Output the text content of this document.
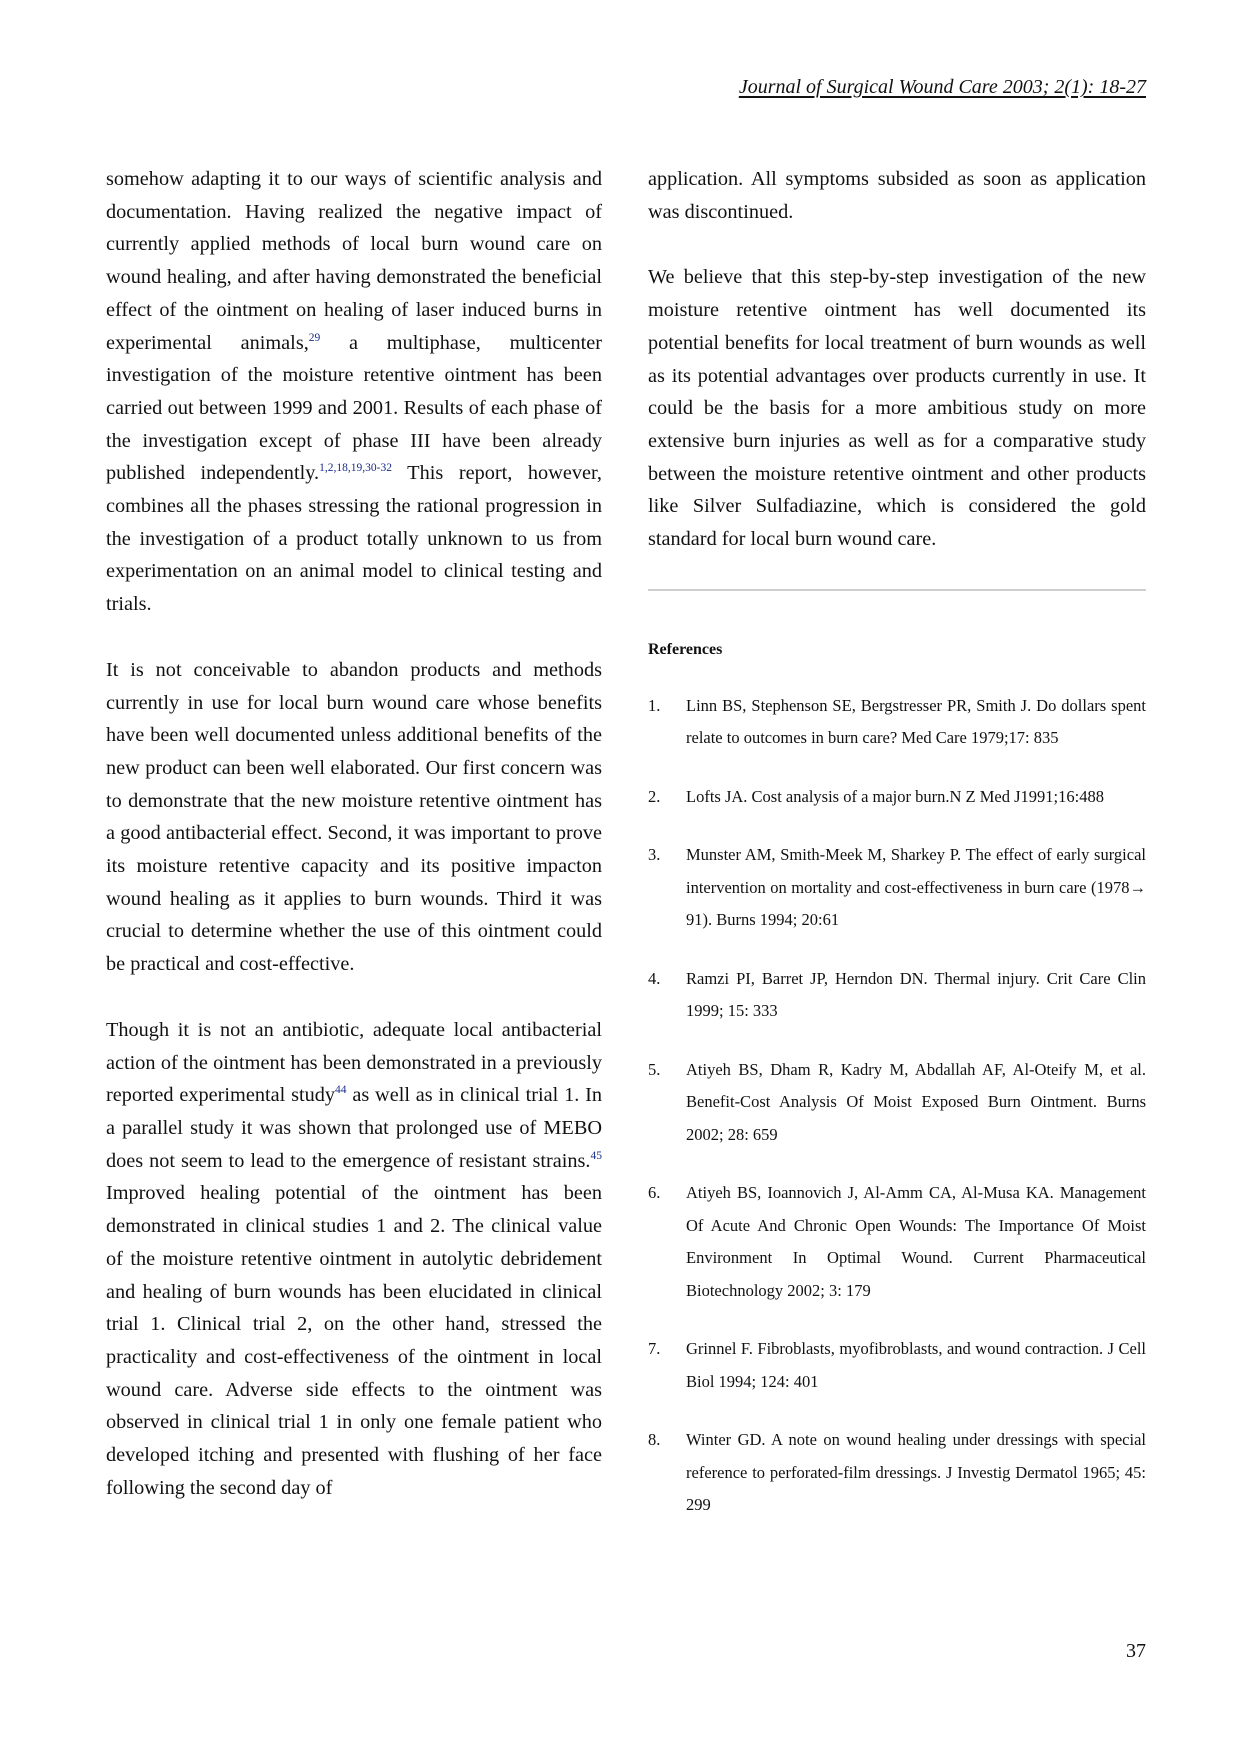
Journal of Surgical Wound Care 2003; 2(1): 18-27

somehow adapting it to our ways of scientific analysis and documentation. Having realized the negative impact of currently applied methods of local burn wound care on wound healing, and after having demonstrated the beneficial effect of the ointment on healing of laser induced burns in experimental animals,$^{29}$ a multiphase, multicenter investigation of the moisture retentive ointment has been carried out between 1999 and 2001. Results of each phase of the investigation except of phase III have been already published independently.$^{1,2,18,19,30-32}$ This report, however, combines all the phases stressing the rational progression in the investigation of a product totally unknown to us from experimentation on an animal model to clinical testing and trials.

It is not conceivable to abandon products and methods currently in use for local burn wound care whose benefits have been well documented unless additional benefits of the new product can been well elaborated. Our first concern was to demonstrate that the new moisture retentive ointment has a good antibacterial effect. Second, it was important to prove its moisture retentive capacity and its positive impacton wound healing as it applies to burn wounds. Third it was crucial to determine whether the use of this ointment could be practical and cost-effective.

Though it is not an antibiotic, adequate local antibacterial action of the ointment has been demonstrated in a previously reported experimental study$^{44}$ as well as in clinical trial 1. In a parallel study it was shown that prolonged use of MEBO does not seem to lead to the emergence of resistant strains.$^{45}$ Improved healing potential of the ointment has been demonstrated in clinical studies 1 and 2. The clinical value of the moisture retentive ointment in autolytic debridement and healing of burn wounds has been elucidated in clinical trial 1. Clinical trial 2, on the other hand, stressed the practicality and cost-effectiveness of the ointment in local wound care. Adverse side effects to the ointment was observed in clinical trial 1 in only one female patient who developed itching and presented with flushing of her face following the second day of

application. All symptoms subsided as soon as application was discontinued.

We believe that this step-by-step investigation of the new moisture retentive ointment has well documented its potential benefits for local treatment of burn wounds as well as its potential advantages over products currently in use. It could be the basis for a more ambitious study on more extensive burn injuries as well as for a comparative study between the moisture retentive ointment and other products like Silver Sulfadiazine, which is considered the gold standard for local burn wound care.

References
1. Linn BS, Stephenson SE, Bergstresser PR, Smith J. Do dollars spent relate to outcomes in burn care? Med Care 1979;17: 835
2. Lofts JA. Cost analysis of a major burn.N Z Med J1991;16:488
3. Munster AM, Smith-Meek M, Sharkey P. The effect of early surgical intervention on mortality and cost-effectiveness in burn care (1978→ 91). Burns 1994; 20:61
4. Ramzi PI, Barret JP, Herndon DN. Thermal injury. Crit Care Clin 1999; 15: 333
5. Atiyeh BS, Dham R, Kadry M, Abdallah AF, Al-Oteify M, et al. Benefit-Cost Analysis Of Moist Exposed Burn Ointment. Burns 2002; 28: 659
6. Atiyeh BS, Ioannovich J, Al-Amm CA, Al-Musa KA. Management Of Acute And Chronic Open Wounds: The Importance Of Moist Environment In Optimal Wound. Current Pharmaceutical Biotechnology 2002; 3: 179
7. Grinnel F. Fibroblasts, myofibroblasts, and wound contraction. J Cell Biol 1994; 124: 401
8. Winter GD. A note on wound healing under dressings with special reference to perforated-film dressings. J Investig Dermatol 1965; 45: 299
37
